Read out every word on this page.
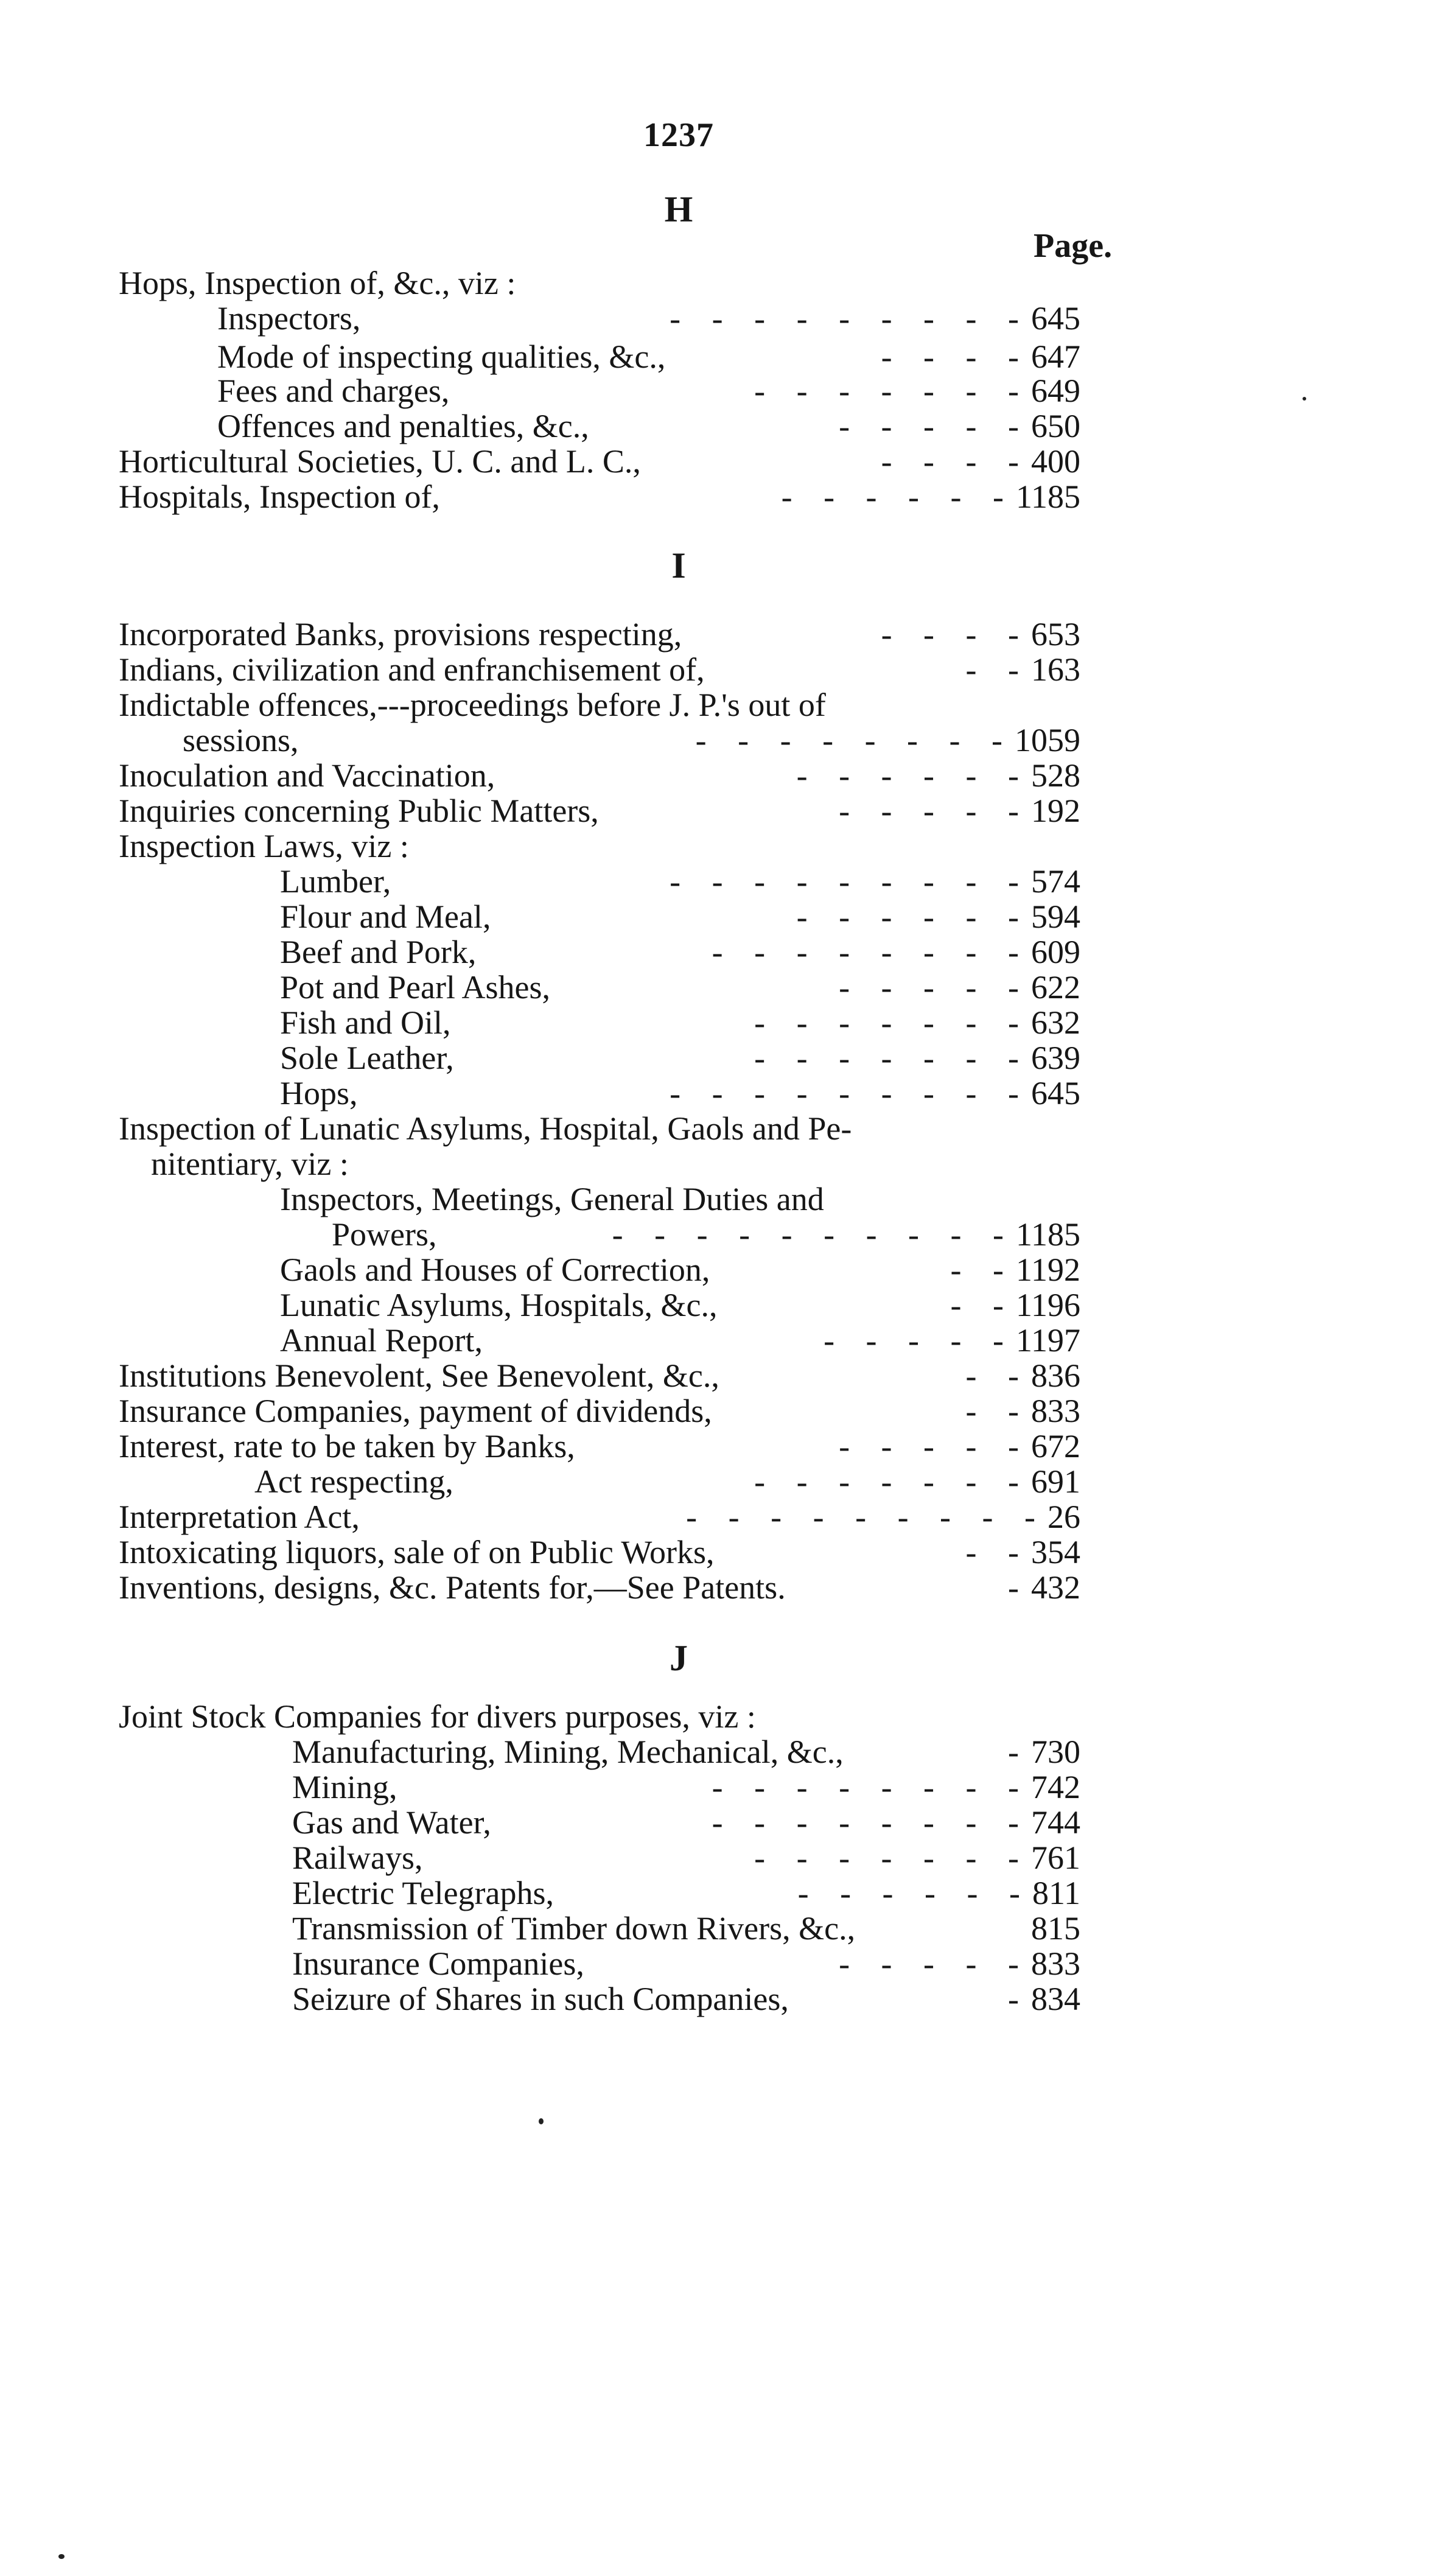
1237
H
Page.
I
J
Hops, Inspection of, &c., viz :
Inspectors,	- - - - - - - - - 645
Mode of inspecting qualities, &c.,	- - - - 647
Fees and charges,	- - - - - - - 649
Offences and penalties, &c.,	- - - - - 650
Horticultural Societies, U. C. and L. C.,	- - - - 400
Hospitals, Inspection of,	- - - - - - 1185
Incorporated Banks, provisions respecting,	- - - - 653
Indians, civilization and enfranchisement of,	- - 163
Indictable offences,---proceedings before J. P.'s out of
sessions,	- - - - - - - - 1059
Inoculation and Vaccination,	- - - - - - 528
Inquiries concerning Public Matters,	- - - - - 192
Inspection Laws, viz :
Lumber,	- - - - - - - - - 574
Flour and Meal,	- - - - - - 594
Beef and Pork,	- - - - - - - - 609
Pot and Pearl Ashes,	- - - - - 622
Fish and Oil,	- - - - - - - 632
Sole Leather,	- - - - - - - 639
Hops,	- - - - - - - - - 645
Inspection of Lunatic Asylums, Hospital, Gaols and Pe-
nitentiary, viz :
Inspectors, Meetings, General Duties and
Powers,	- - - - - - - - - - 1185
Gaols and Houses of Correction,	- - 1192
Lunatic Asylums, Hospitals, &c.,	- - 1196
Annual Report,	- - - - - 1197
Institutions Benevolent, See Benevolent, &c.,	- - 836
Insurance Companies, payment of dividends,	- - 833
Interest, rate to be taken by Banks,	- - - - - 672
Act respecting,	- - - - - - - 691
Interpretation Act,	- - - - - - - - - 26
Intoxicating liquors, sale of on Public Works,	- - 354
Inventions, designs, &c. Patents for,—See Patents.	- 432
Joint Stock Companies for divers purposes, viz :
Manufacturing, Mining, Mechanical, &c.,	- 730
Mining,	- - - - - - - - 742
Gas and Water,	- - - - - - - - 744
Railways,	- - - - - - - 761
Electric Telegraphs,	- - - - - - 811
Transmission of Timber down Rivers, &c.,	815
Insurance Companies,	- - - - - 833
Seizure of Shares in such Companies,	- 834
